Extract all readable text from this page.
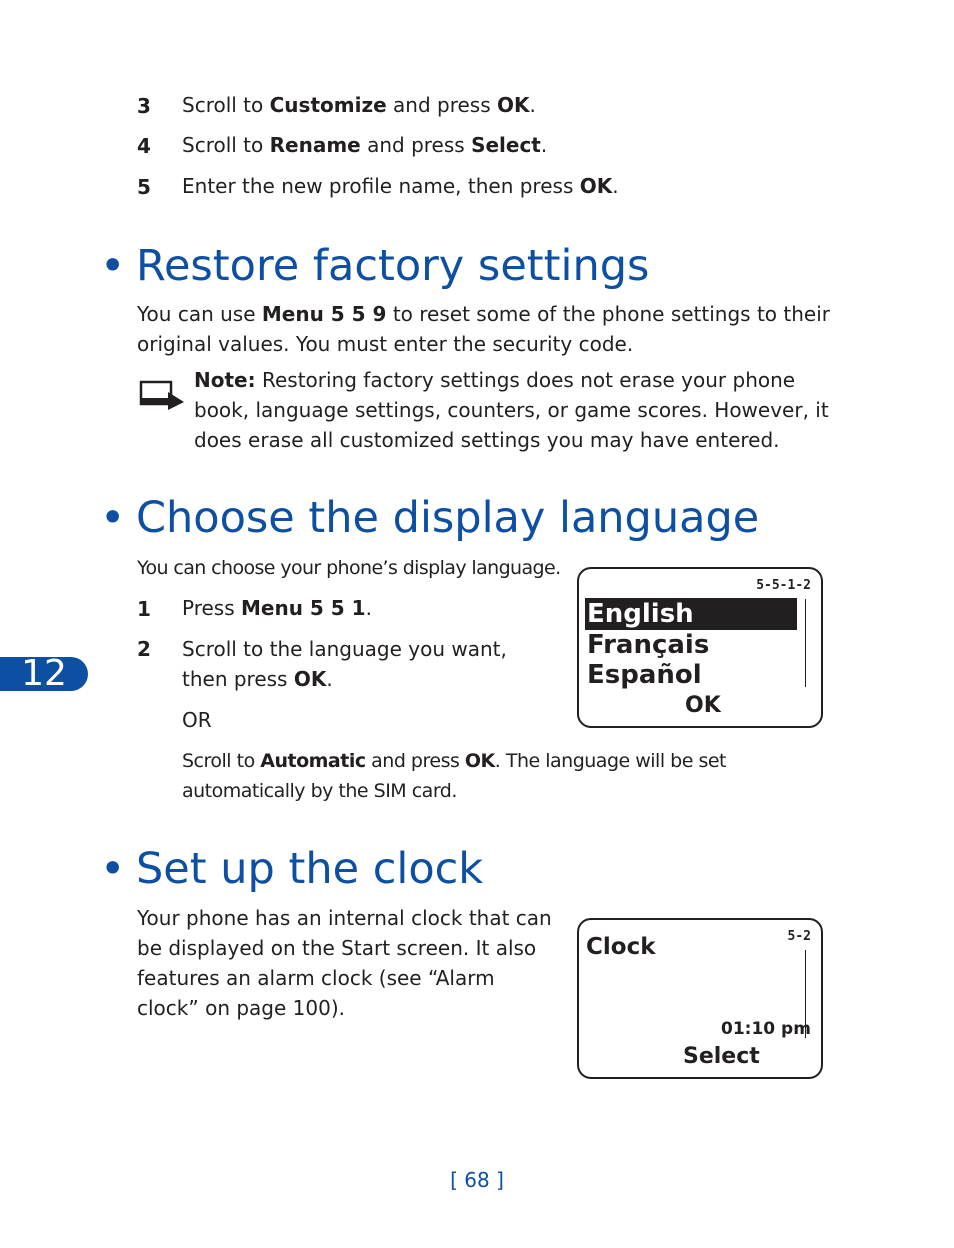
3 Scroll to Customize and press OK.
4 Scroll to Rename and press Select.
5 Enter the new profile name, then press OK.
• Restore factory settings
You can use Menu 5 5 9 to reset some of the phone settings to their original values. You must enter the security code.
Note: Restoring factory settings does not erase your phone book, language settings, counters, or game scores. However, it does erase all customized settings you may have entered.
• Choose the display language
You can choose your phone’s display language.
1 Press Menu 5 5 1.
2 Scroll to the language you want, then press OK.
OR
Scroll to Automatic and press OK. The language will be set automatically by the SIM card.
5-5-1-2
English
Français
Español
OK
12
• Set up the clock
Your phone has an internal clock that can be displayed on the Start screen. It also features an alarm clock (see “Alarm clock” on page 100).
Clock	5-2
01:10 pm
Select
[ 68 ]
